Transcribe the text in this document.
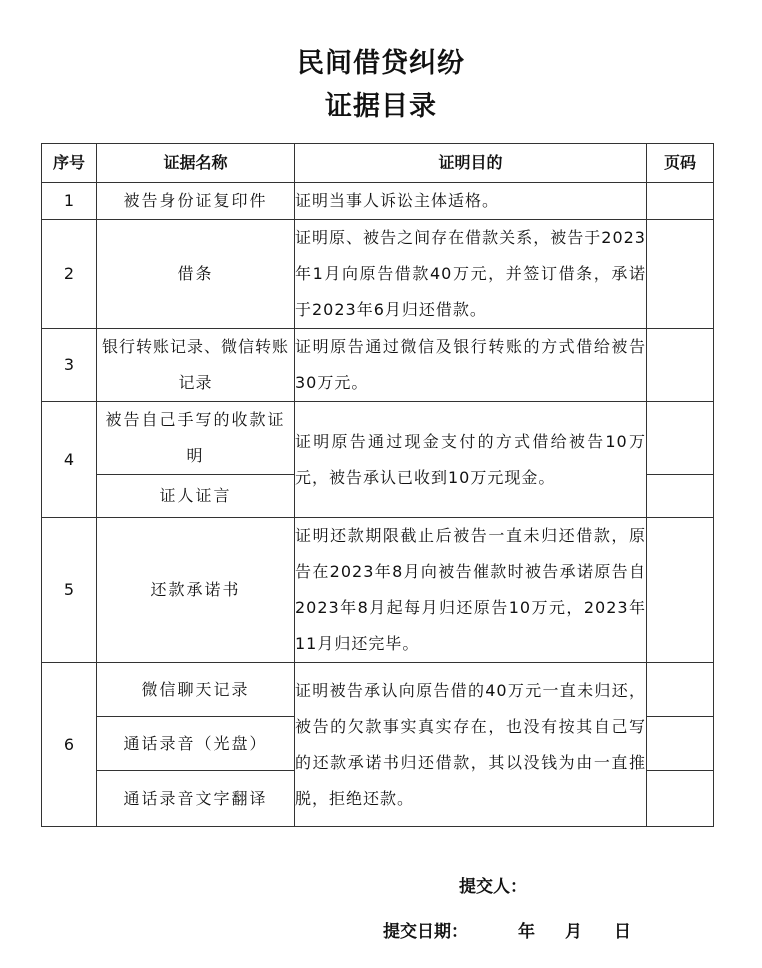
民间借贷纠纷
证据目录
序号	证据名称	证明目的	页码
1	被告身份证复印件	证明当事人诉讼主体适格。	
2	借条	证明原、被告之间存在借款关系，被告于2023年1月向原告借款40万元，并签订借条，承诺于2023年6月归还借款。	
3	银行转账记录、微信转账记录	证明原告通过微信及银行转账的方式借给被告30万元。	
4	被告自己手写的收款证明	证明原告通过现金支付的方式借给被告10万元，被告承认已收到10万元现金。	
	证人证言		
5	还款承诺书	证明还款期限截止后被告一直未归还借款，原告在2023年8月向被告催款时被告承诺原告自2023年8月起每月归还原告10万元，2023年11月归还完毕。	
6	微信聊天记录	证明被告承认向原告借的40万元一直未归还，被告的欠款事实真实存在，也没有按其自己写的还款承诺书归还借款，其以没钱为由一直推脱，拒绝还款。	
	通话录音（光盘）		
	通话录音文字翻译		
提交人：
提交日期：	年 月 日
